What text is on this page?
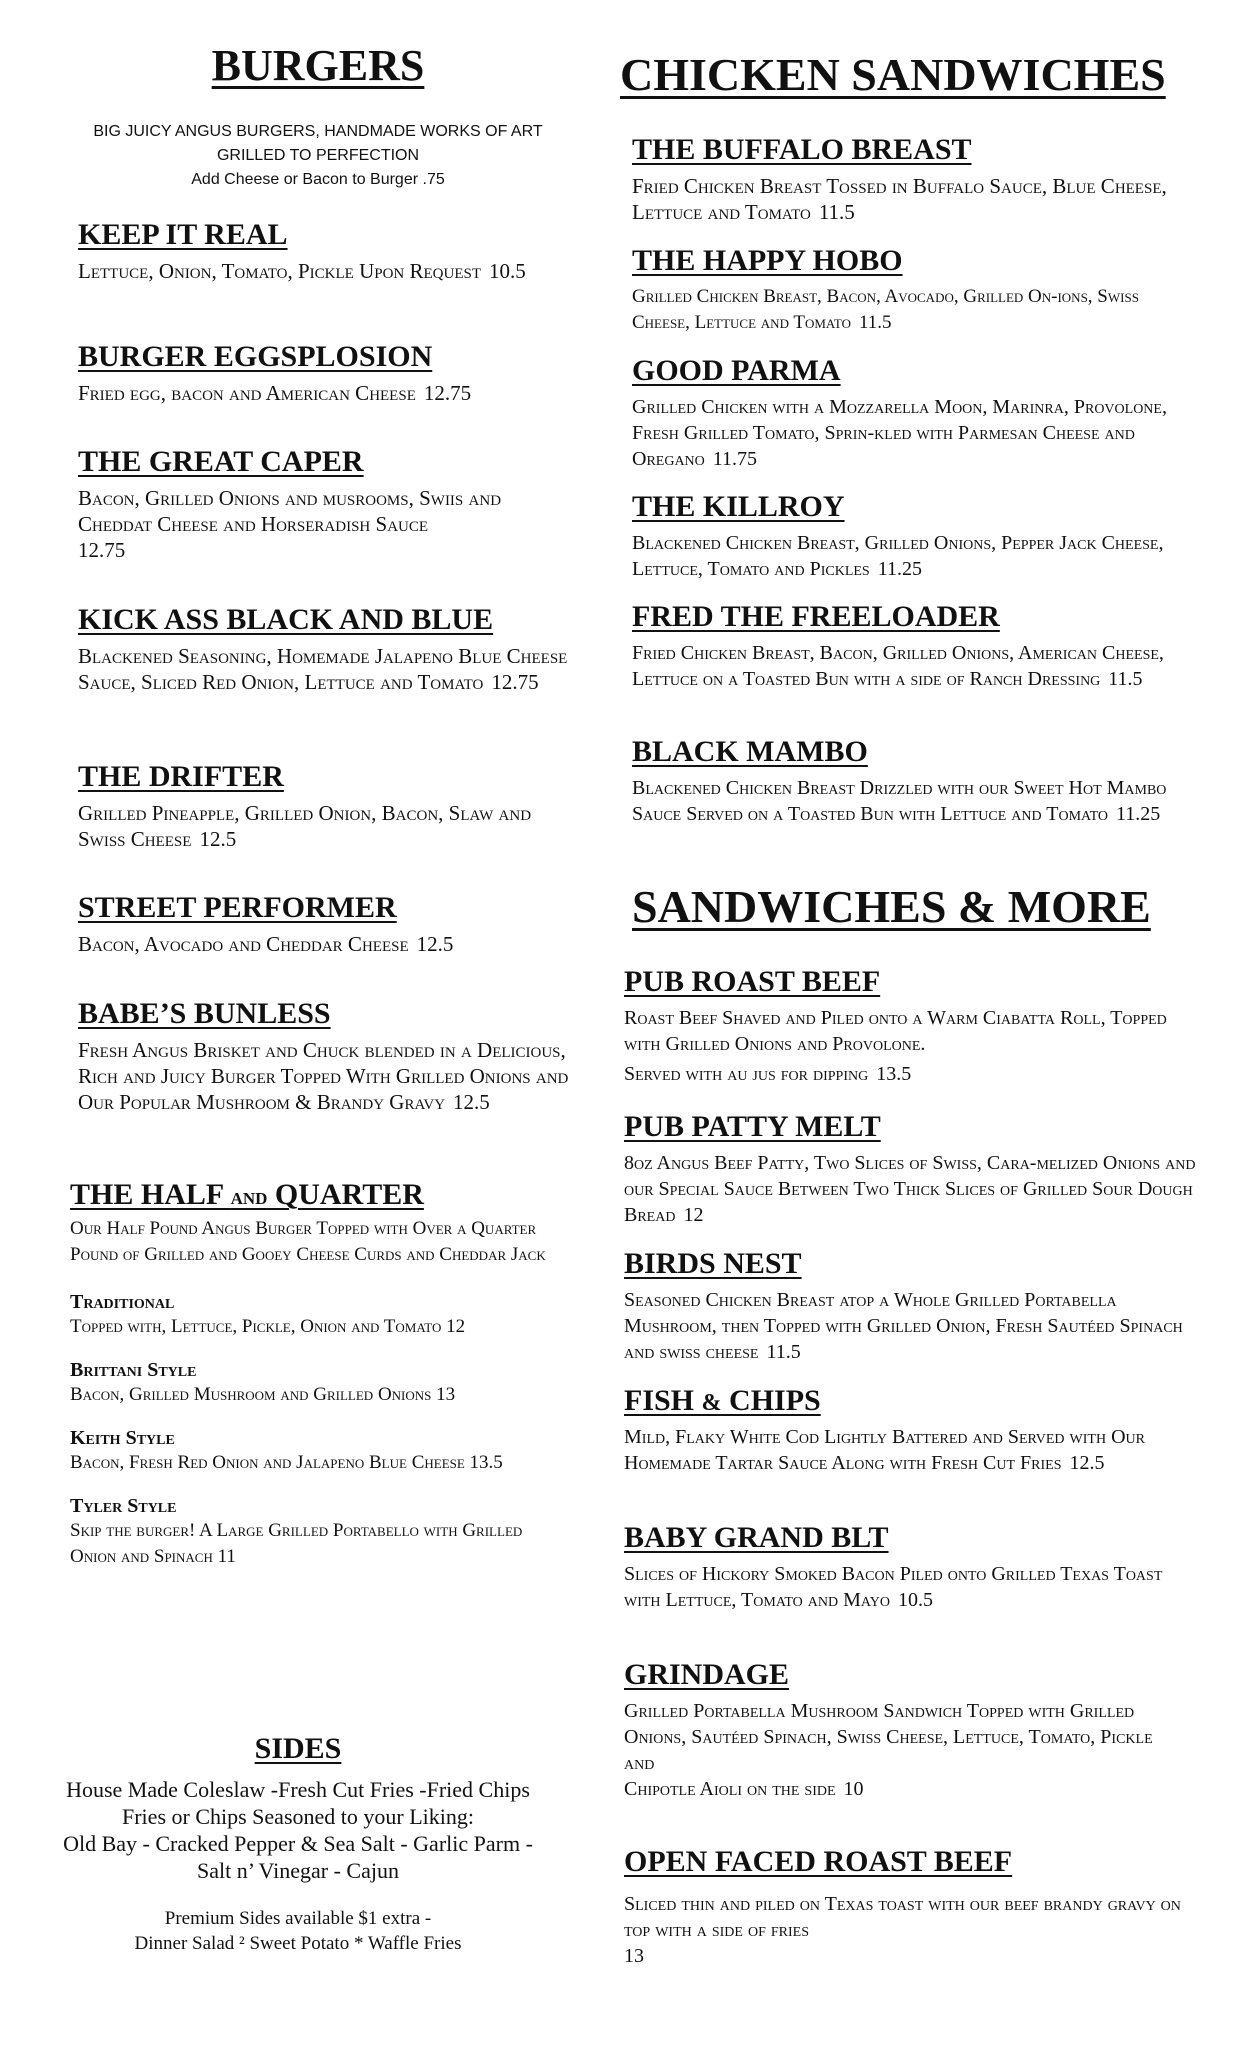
BURGERS

BIG JUICY ANGUS BURGERS, HANDMADE WORKS OF ART

GRILLED TO PERFECTION

Add Cheese or Bacon to Burger .75

KEEP IT REAL

Lettuce, Onion, Tomato, Pickle Upon Request 10.5

BURGER EGGSPLOSION

Fried egg, bacon and American Cheese 12.75

THE GREAT CAPER

Bacon, Grilled Onions and musrooms, Swiis and Cheddat Cheese and Horseradish Sauce
12.75

KICK ASS BLACK AND BLUE

Blackened Seasoning, Homemade Jalapeno Blue Cheese Sauce, Sliced Red Onion, Lettuce and Tomato 12.75

THE DRIFTER

Grilled Pineapple, Grilled Onion, Bacon, Slaw and Swiss Cheese 12.5

STREET PERFORMER

Bacon, Avocado and Cheddar Cheese 12.5

BABE’S BUNLESS

Fresh Angus Brisket and Chuck blended in a Delicious, Rich and Juicy Burger Topped With Grilled Onions and Our Popular Mushroom & Brandy Gravy 12.5

THE HALF and QUARTER

Our Half Pound Angus Burger Topped with Over a Quarter Pound of Grilled and Gooey Cheese Curds and Cheddar Jack

Traditional

Topped with, Lettuce, Pickle, Onion and Tomato 12

Brittani Style

Bacon, Grilled Mushroom and Grilled Onions 13

Keith Style

Bacon, Fresh Red Onion and Jalapeno Blue Cheese 13.5

Tyler Style

Skip the burger! A Large Grilled Portabello with Grilled Onion and Spinach 11

SIDES

House Made Coleslaw -Fresh Cut Fries -Fried Chips

Fries or Chips Seasoned to your Liking:

Old Bay - Cracked Pepper & Sea Salt - Garlic Parm -

Salt n’ Vinegar - Cajun

Premium Sides available $1 extra -

Dinner Salad ² Sweet Potato * Waffle Fries

CHICKEN SANDWICHES

THE BUFFALO BREAST

Fried Chicken Breast Tossed in Buffalo Sauce, Blue Cheese, Lettuce and Tomato 11.5

THE HAPPY HOBO

Grilled Chicken Breast, Bacon, Avocado, Grilled On-ions, Swiss Cheese, Lettuce and Tomato 11.5

GOOD PARMA

Grilled Chicken with a Mozzarella Moon, Marinra, Provolone, Fresh Grilled Tomato, Sprin-kled with Parmesan Cheese and Oregano 11.75

THE KILLROY

Blackened Chicken Breast, Grilled Onions, Pepper Jack Cheese, Lettuce, Tomato and Pickles 11.25

FRED THE FREELOADER

Fried Chicken Breast, Bacon, Grilled Onions, American Cheese, Lettuce on a Toasted Bun with a side of Ranch Dressing 11.5

BLACK MAMBO

Blackened Chicken Breast Drizzled with our Sweet Hot Mambo Sauce Served on a Toasted Bun with Lettuce and Tomato 11.25

SANDWICHES & MORE

PUB ROAST BEEF

Roast Beef Shaved and Piled onto a Warm Ciabatta Roll, Topped with Grilled Onions and Provolone.

Served with au jus for dipping 13.5

PUB PATTY MELT

8oz Angus Beef Patty, Two Slices of Swiss, Cara-melized Onions and our Special Sauce Between Two Thick Slices of Grilled Sour Dough Bread 12

BIRDS NEST

Seasoned Chicken Breast atop a Whole Grilled Portabella Mushroom, then Topped with Grilled Onion, Fresh Sautéed Spinach and swiss cheese 11.5

FISH & CHIPS

Mild, Flaky White Cod Lightly Battered and Served with Our Homemade Tartar Sauce Along with Fresh Cut Fries 12.5

BABY GRAND BLT

Slices of Hickory Smoked Bacon Piled onto Grilled Texas Toast with Lettuce, Tomato and Mayo 10.5

GRINDAGE

Grilled Portabella Mushroom Sandwich Topped with Grilled Onions, Sautéed Spinach, Swiss Cheese, Lettuce, Tomato, Pickle and

Chipotle Aioli on the side 10

OPEN FACED ROAST BEEF

Sliced thin and piled on Texas toast with our beef brandy gravy on top with a side of fries
13
